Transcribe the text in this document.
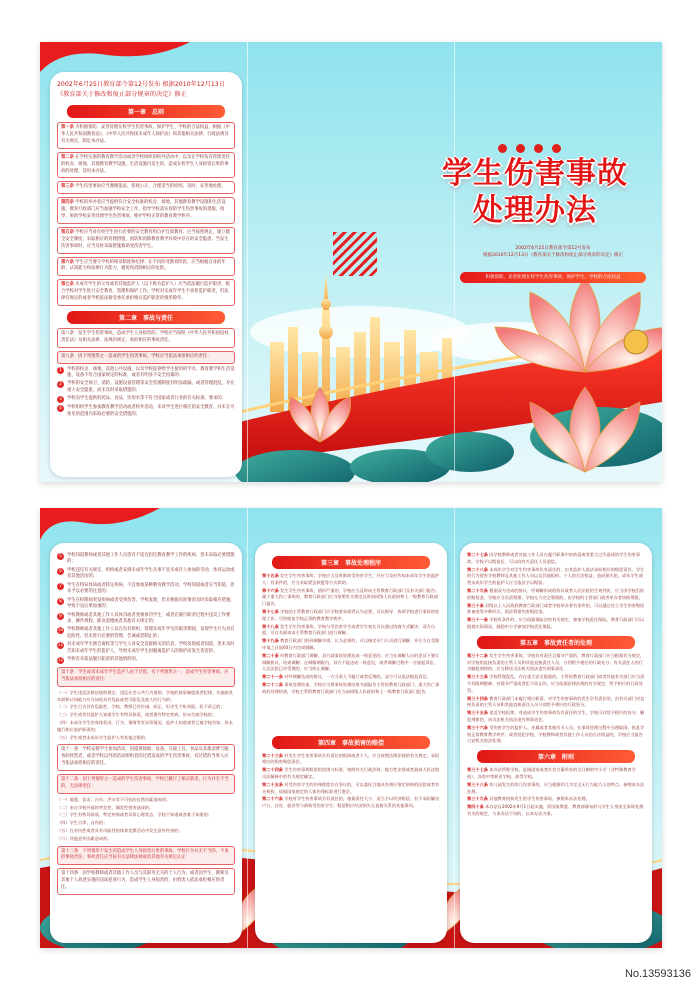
2002年6月25日教育部令第12号发布 根据2010年12月13日《教育部关于修改和废止部分规章的决定》修正

第一章　总则
第一条 为积极预防、妥善处理在校学生伤害事故，保护学生、学校的合法权益，根据《中华人民共和国教育法》、《中华人民共和国未成年人保护法》和其他相关法律、行政法规及有关规定，制定本办法。
第二条 在学校实施的教育教学活动或者学校组织的校外活动中，以及在学校负有管理责任的校舍、场地、其他教育教学设施、生活设施内发生的，造成在校学生人身损害后果的事故的处理，适用本办法。
第三条 学生伤害事故应当遵循依法、客观公正、合理适当的原则，及时、妥善地处理。
第四条 学校的举办者应当提供符合安全标准的校舍、场地、其他教育教学设施和生活设施。教育行政部门应当加强学校安全工作，指导学校落实预防学生伤害事故的措施，指导、协助学校妥善处理学生伤害事故，维护学校正常的教育教学秩序。
第五条 学校应当对在校学生进行必要的安全教育和自护自救教育；应当按照规定，建立健全安全制度，采取相应的管理措施，预防和消除教育教学环境中存在的安全隐患；当发生伤害事故时，应当及时采取措施救助受伤害学生。
第六条 学生应当遵守学校的规章制度和纪律；在不同的受教育阶段，应当根据自身的年龄、认知能力和法律行为能力，避免和消除相应的危险。
第七条 未成年学生的父母或者其他监护人（以下称为监护人）应当依法履行监护职责，配合学校对学生进行安全教育、管理和保护工作。学校对未成年学生不承担监护职责，但法律有规定的或者学校依法接受委托承担相应监护职责的情形除外。
第二章　事故与责任
第八条　发生学生伤害事故，造成学生人身损害的，学校应当按照《中华人民共和国侵权责任法》及相关法律、法规的规定，承担相应的事故责任。
第九条　因下列情形之一造成的学生伤害事故，学校应当依法承担相应的责任：
1	学校的校舍、场地、其他公共设施，以及学校提供给学生使用的学具、教育教学和生活设施、设备不符合国家规定的标准，或者有明显不安全因素的；
2	学校的安全保卫、消防、设施设备管理等安全管理制度有明显疏漏，或者管理混乱，存在重大安全隐患，而未及时采取措施的；
3	学校向学生提供的药品、食品、饮用水等不符合国家或者行业的有关标准、要求的；
4	学校组织学生参加教育教学活动或者校外活动，未对学生进行相应的安全教育，并未在可预见的范围内采取必要的安全措施的；
学生伤害事故
处理办法
2002年6月25日教育部令第12号发布
根据2010年12月13日《教育部关于修改和废止部分规章的决定》修正
积极预防、妥善处理在校学生伤害事故，保护学生、学校的合法权益
5	学校知道教师或者其他工作人员患有不适宜担任教育教学工作的疾病，但未采取必要措施的；
6	学校违反有关规定，组织或者安排未成年学生从事不宜未成年人参加的劳动、体育运动或者其他活动的；
7	学生有特异体质或者特定疾病，不宜参加某种教育教学活动，学校知道或者应当知道，但未予以必要的注意的；
8	学生在校期间突发疾病或者受到伤害，学校发现，但未根据实际情况及时采取相应措施，导致不良后果加重的；
9	学校教师或者其他工作人员体罚或者变相体罚学生，或者在履行职责过程中违反工作要求、操作规程、职业道德或者其他有关规定的；
10 学校教师或者其他工作人员在负有组织、管理未成年学生的职责期间，发现学生行为具有危险性，但未进行必要的管理、告诫或者制止的；
11 对未成年学生擅自离校等与学生人身安全直接相关的信息，学校发现或者知道，但未及时告知未成年学生的监护人，导致未成年学生因脱离监护人的保护而发生伤害的；
12 学校有未依法履行职责的其他情形的。
第十条　学生或者未成年学生监护人由于过错，有下列情形之一，造成学生伤害事故，应当依法承担相应的责任：
（一）学生违反法律法规的规定，违反社会公共行为准则、学校的规章制度或者纪律，实施按其年龄和认知能力应当知道具有危险或者可能危及他人的行为的；
（二）学生行为具有危险性，学校、教师已经告诫、纠正，但学生不听劝阻、拒不改正的；
（三）学生或者其监护人知道学生有特异体质，或者患有特定疾病，但未告知学校的；
（四）未成年学生的身体状况、行为、情绪等有异常情况，监护人知道或者已被学校告知，但未履行相应监护职责的；
（五）学生或者未成年学生监护人有其他过错的。
第十一条　学校安排学生参加活动，因提供场地、设备、交通工具、食品及其他消费与服务的经营者，或者学校以外的活动组织者的过错造成的学生伤害事故，有过错的当事人应当依法承担相应的责任。
第十二条　因下列情形之一造成的学生伤害事故，学校已履行了相应职责，行为并无不当的，无法律责任：
（一）地震、雷击、台风、洪水等不可抗的自然因素造成的；
（二）来自学校外部的突发性、偶发性侵害造成的；
（三）学生有特异体质、特定疾病或者异常心理状态，学校不知道或者难于知道的；
（四）学生自杀、自伤的；
（五）在对抗性或者具有风险性的体育竞赛活动中发生意外伤害的；
（六）其他意外因素造成的。
第十三条　下列情形下发生的造成学生人身损害后果的事故，学校行为并无不当的，不承担事故责任；事故责任应当按有关法律法规或者其他有关规定认定：
第十四条　因学校教师或者其他工作人员与其职务无关的个人行为，或者因学生、教师及其他个人故意实施的违法犯罪行为，造成学生人身损害的，由致害人依法承担相应的责任。
第三章　事故处理程序
第十五条 发生学生伤害事故，学校应当及时救助受伤害学生，并应当及时告知未成年学生的监护人；有条件的，应当采取紧急救援等方式救助。
第十六条 发生学生伤害事故，情形严重的，学校应当及时向主管教育行政部门及有关部门报告；属于重大伤亡事故的，教育行政部门应当按照有关规定及时向同级人民政府和上一级教育行政部门报告。
第十七条 学校的主管教育行政部门应学校要求或者认为必要，可以指导、协助学校进行事故的处理工作，尽快恢复学校正常的教育教学秩序。
第十八条 发生学生伤害事故，学校与受伤害学生或者学生家长可以通过协商方式解决；双方自愿，可以书面请求主管教育行政部门进行调解。
第十九条 教育行政部门收到调解申请，认为必要的，可以指定专门人员进行调解，并应当在受理申请之日起60日内完成调解。
第二十条 经教育行政部门调解，双方就事故处理达成一致意见的，应当在调解人员的见证下签订调解协议，结束调解；在调解期限内，双方不能达成一致意见，或者调解过程中一方提起诉讼，人民法院已经受理的，应当终止调解。
第二十一条 对经调解达成的协议，一方当事人不履行或者反悔的，双方可以依法提起诉讼。
第二十二条 事故处理结束，学校应当将事故处理结果书面报告主管的教育行政部门；重大伤亡事故的处理结果，学校主管的教育行政部门应当向同级人民政府和上一级教育行政部门报告。
第四章　事故损害的赔偿
第二十三条 对发生学生伤害事故负有责任的组织或者个人，应当按照法律法规的有关规定，承担相应的损害赔偿责任。
第二十四条 学生伤害事故赔偿的范围与标准，按照有关行政法规、地方性法规或者最高人民法院司法解释中的有关规定确定。
第二十五条 对受伤害学生的伤残程度存在争议的，可以委托当地具有相应鉴定资格的医院或者有关机构，依据国家规定的人体伤残标准进行鉴定。
第二十六条 学校对学生伤害事故负有责任的，根据责任大小，适当予以经济赔偿，但不承担解决户口、住房、就业等与救助受伤害学生、赔偿相应经济损失无直接关系的其他事项。
第二十七条 因学校教师或者其他工作人员在履行职务中的故意或者重大过失造成的学生伤害事故，学校予以赔偿后，可以向有关责任人员追偿。
第二十八条 未成年学生对学生伤害事故负有责任的，由其监护人依法承担相应的赔偿责任。学生的行为侵害学校教师及其他工作人员以及其他组织、个人的合法权益，造成损失的，成年学生或者未成年学生的监护人应当依法予以赔偿。
第二十九条 根据双方达成的协议、经调解形成的协议或者人民法院的生效判决，应当由学校负担的赔偿金，学校应当负责筹措；学校无力完全筹措的，由学校的主管部门或者举办者协助筹措。
第三十条 县级以上人民政府教育行政部门或者学校举办者有条件的，可以通过设立学生伤害赔偿准备金等多种形式，依法筹措伤害赔偿金。
第三十一条 学校有条件的，应当依据保险法的有关规定，参加学校责任保险。教育行政部门可以根据实际情况，鼓励中小学参加学校责任保险。
第五章　事故责任者的处理
第三十二条 发生学生伤害事故，学校负有责任且情节严重的，教育行政部门应当根据有关规定，对学校的直接负责的主管人员和其他直接责任人员，分别给予相应的行政处分；有关责任人的行为触犯刑律的，应当移送司法机关依法追究刑事责任。
第三十三条 学校管理混乱，存在重大安全隐患的，主管的教育行政部门或者其他有关部门应当责令其限期整顿；对情节严重或者拒不改正的，应当依据法律法规的有关规定，给予相应的行政处罚。
第三十四条 教育行政部门未履行相应职责，对学生伤害事故的发生负有责任的，由有关部门对直接负责的主管人员和其他直接责任人员分别给予相应的行政处分。
第三十五条 违反学校纪律，对造成学生伤害事故负有责任的学生，学校可以给予相应的处分；触犯刑律的，由司法机关依法追究刑事责任。
第三十六条 受伤害学生的监护人、亲属或者其他有关人员，在事故处理过程中无理取闹，扰乱学校正常教育教学秩序，或者侵犯学校、学校教师或者其他工作人员的合法权益的，学校应当报告公安机关依法处理。
第六章　附则
第三十七条 本办法所称学校，是指国家或者社会力量举办的全日制的中小学（含特殊教育学校）、各类中等职业学校、高等学校。
第三十八条 幼儿园发生的幼儿伤害事故，应当根据幼儿为完全无行为能力人的特点，参照本办法处理。
第三十九条 其他教育机构发生的学生伤害事故，参照本办法处理。
第四十条 本办法自2002年9月1日起实施，原国家教委、教育部颁布的与学生人身安全事故处理有关的规定，与本办法不符的，以本办法为准。
No.13593136
